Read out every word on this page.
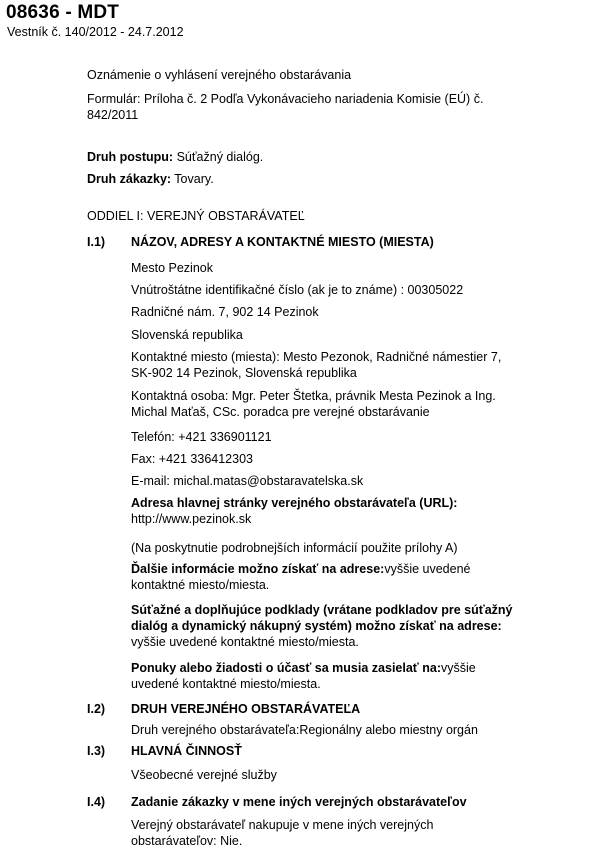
08636 - MDT
Vestník č. 140/2012 - 24.7.2012
Oznámenie o vyhlásení verejného obstarávania
Formulár: Príloha č. 2 Podľa Vykonávacieho nariadenia Komisie (EÚ) č.
842/2011
Druh postupu: Súťažný dialóg.
Druh zákazky: Tovary.
ODDIEL I: VEREJNÝ OBSTARÁVATEĽ
I.1) NÁZOV, ADRESY A KONTAKTNÉ MIESTO (MIESTA)
Mesto Pezinok
Vnútroštátne identifikačné číslo (ak je to známe) : 00305022
Radničné nám. 7, 902 14 Pezinok
Slovenská republika
Kontaktné miesto (miesta): Mesto Pezonok, Radničné námestier 7,
SK-902 14 Pezinok, Slovenská republika
Kontaktná osoba: Mgr. Peter Štetka, právnik Mesta Pezinok a Ing.
Michal Maťaš, CSc. poradca pre verejné obstarávanie
Telefón: +421 336901121
Fax: +421 336412303
E-mail: michal.matas@obstaravatelska.sk
Adresa hlavnej stránky verejného obstarávateľa (URL):
http://www.pezinok.sk
(Na poskytnutie podrobnejších informácií použite prílohy A)
Ďalšie informácie možno získať na adrese:vyššie uvedené
kontaktné miesto/miesta.
Súťažné a doplňujúce podklady (vrátane podkladov pre súťažný
dialóg a dynamický nákupný systém) možno získať na adrese:
vyššie uvedené kontaktné miesto/miesta.
Ponuky alebo žiadosti o účasť sa musia zasielať na:vyššie
uvedené kontaktné miesto/miesta.
I.2) DRUH VEREJNÉHO OBSTARÁVATEĽA
Druh verejného obstarávateľa:Regionálny alebo miestny orgán
I.3) HLAVNÁ ČINNOSŤ
Všeobecné verejné služby
I.4) Zadanie zákazky v mene iných verejných obstarávateľov
Verejný obstarávateľ nakupuje v mene iných verejných
obstarávateľov: Nie.
